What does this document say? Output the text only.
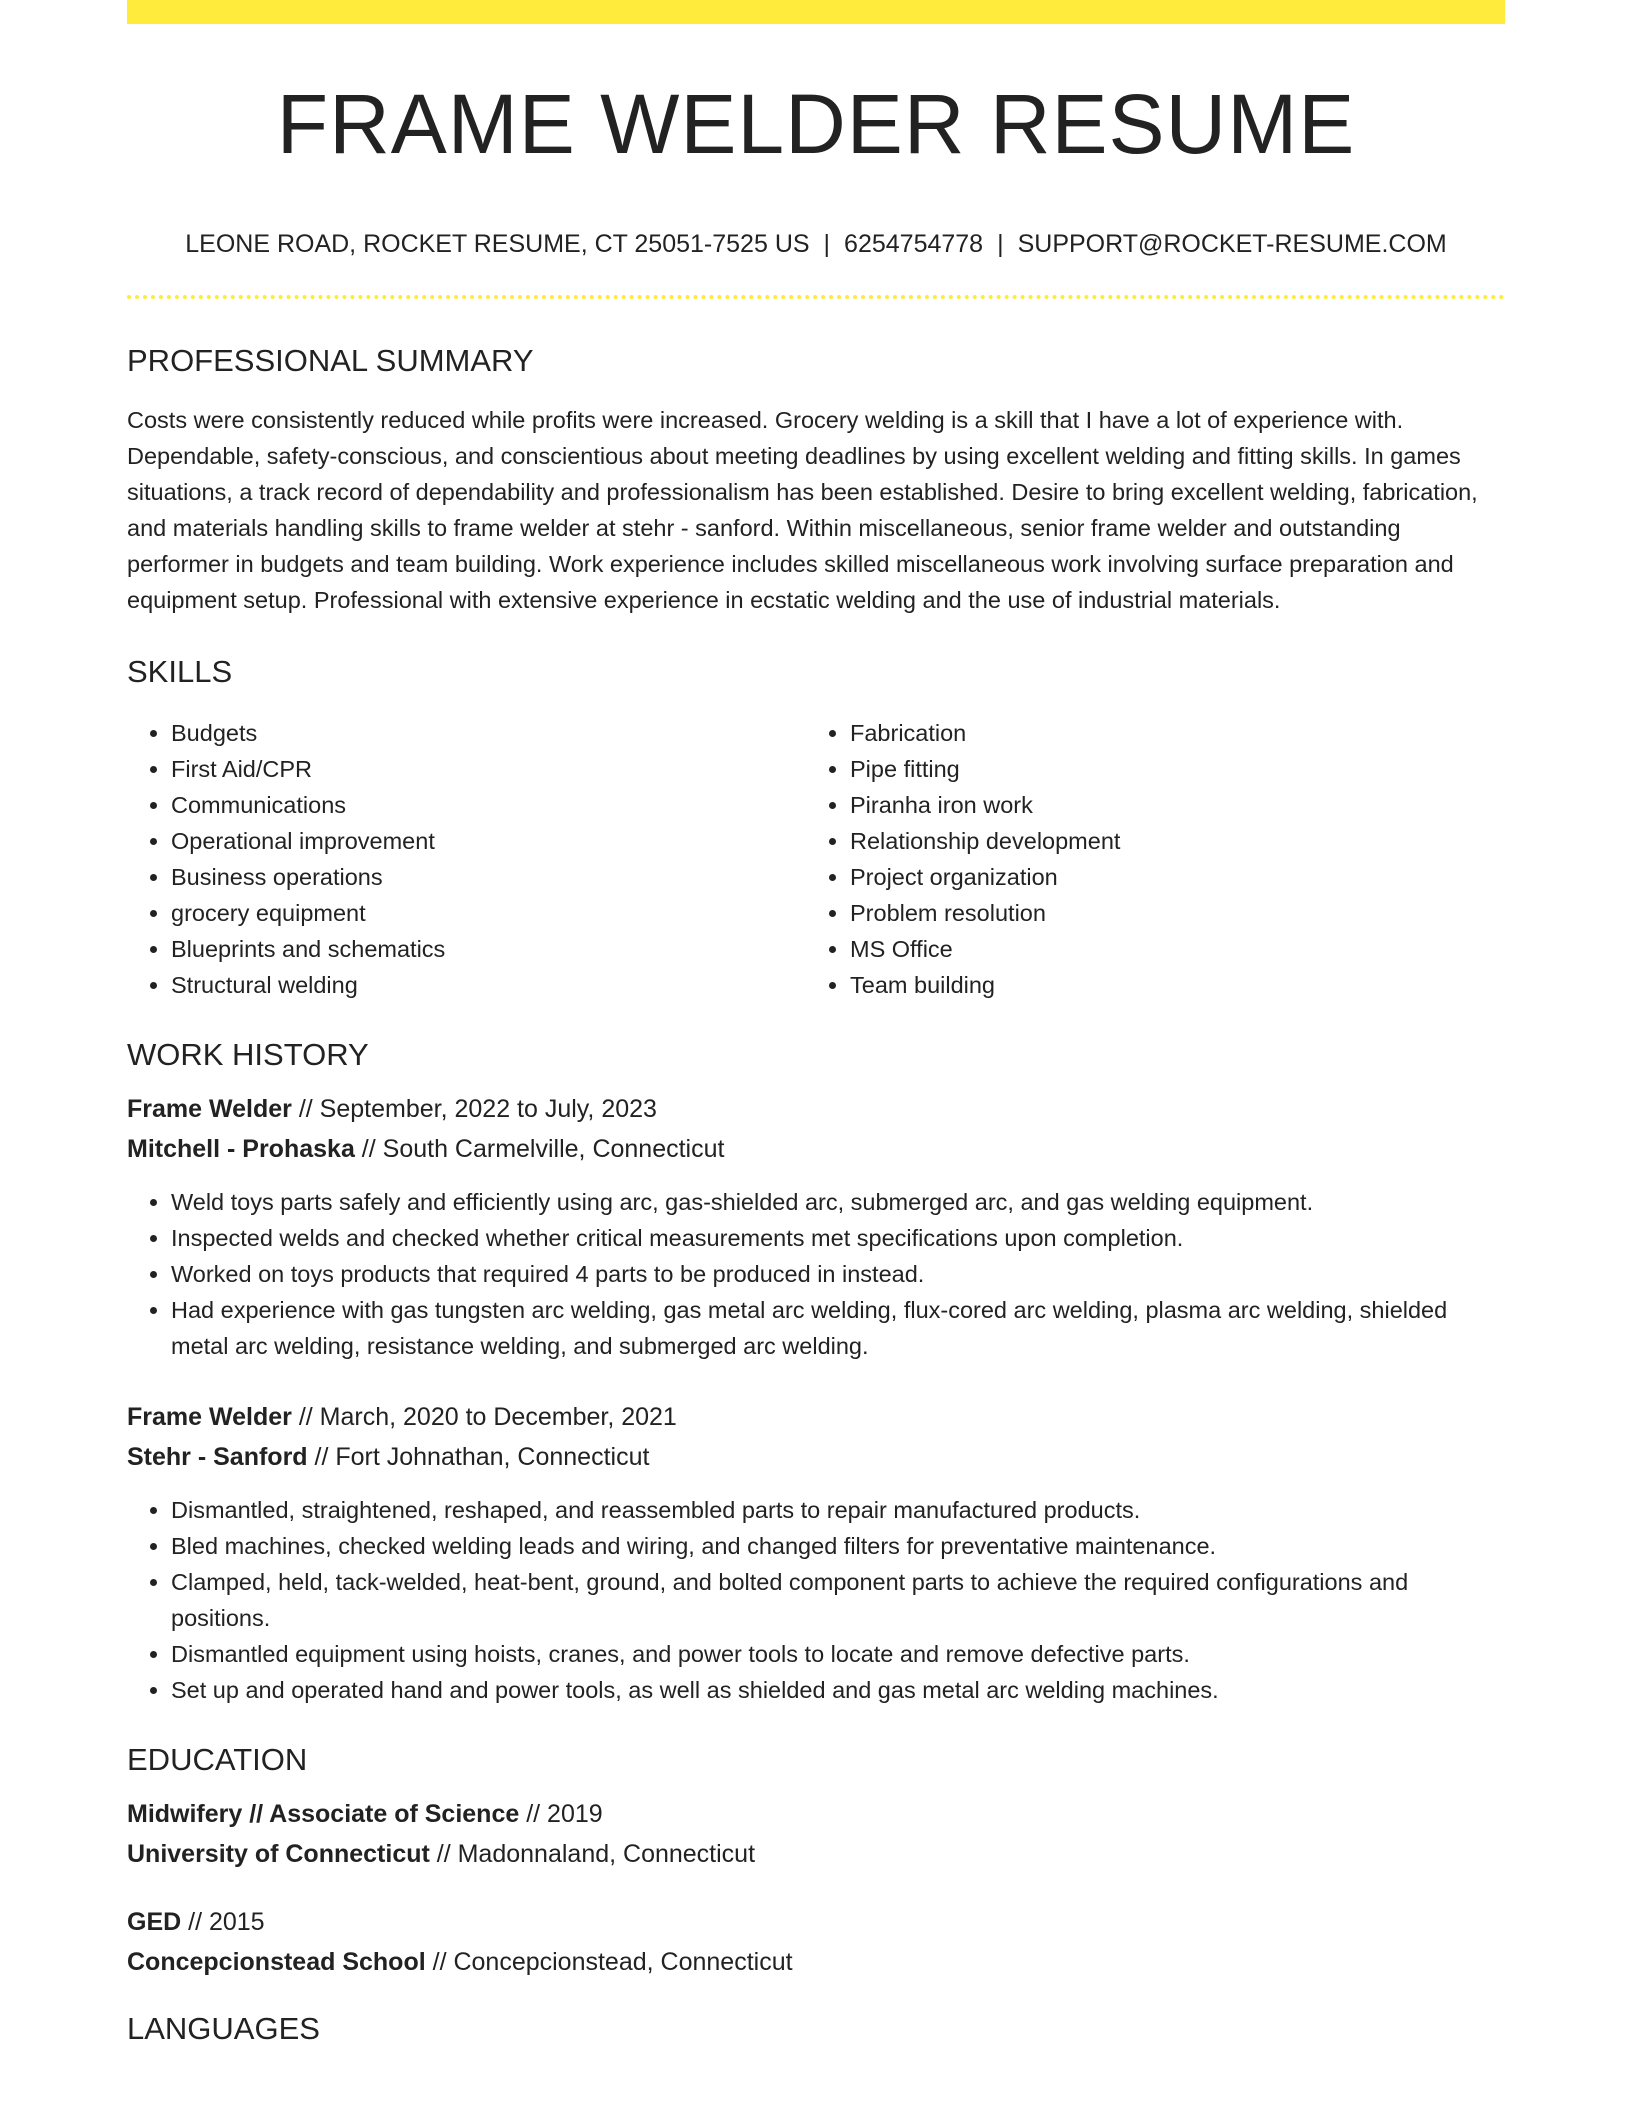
FRAME WELDER RESUME
LEONE ROAD, ROCKET RESUME, CT 25051-7525 US | 6254754778 | SUPPORT@ROCKET-RESUME.COM
PROFESSIONAL SUMMARY

Costs were consistently reduced while profits were increased. Grocery welding is a skill that I have a lot of experience with. Dependable, safety-conscious, and conscientious about meeting deadlines by using excellent welding and fitting skills. In games situations, a track record of dependability and professionalism has been established. Desire to bring excellent welding, fabrication, and materials handling skills to frame welder at stehr - sanford. Within miscellaneous, senior frame welder and outstanding performer in budgets and team building. Work experience includes skilled miscellaneous work involving surface preparation and equipment setup. Professional with extensive experience in ecstatic welding and the use of industrial materials.

SKILLS
• Budgets
• First Aid/CPR
• Communications
• Operational improvement
• Business operations
• grocery equipment
• Blueprints and schematics
• Structural welding
• Fabrication
• Pipe fitting
• Piranha iron work
• Relationship development
• Project organization
• Problem resolution
• MS Office
• Team building
WORK HISTORY
Frame Welder // September, 2022 to July, 2023
Mitchell - Prohaska // South Carmelville, Connecticut
• Weld toys parts safely and efficiently using arc, gas-shielded arc, submerged arc, and gas welding equipment.
• Inspected welds and checked whether critical measurements met specifications upon completion.
• Worked on toys products that required 4 parts to be produced in instead.
• Had experience with gas tungsten arc welding, gas metal arc welding, flux-cored arc welding, plasma arc welding, shielded metal arc welding, resistance welding, and submerged arc welding.
Frame Welder // March, 2020 to December, 2021
Stehr - Sanford // Fort Johnathan, Connecticut
• Dismantled, straightened, reshaped, and reassembled parts to repair manufactured products.
• Bled machines, checked welding leads and wiring, and changed filters for preventative maintenance.
• Clamped, held, tack-welded, heat-bent, ground, and bolted component parts to achieve the required configurations and positions.
• Dismantled equipment using hoists, cranes, and power tools to locate and remove defective parts.
• Set up and operated hand and power tools, as well as shielded and gas metal arc welding machines.
EDUCATION
Midwifery // Associate of Science // 2019
University of Connecticut // Madonnaland, Connecticut
GED // 2015
Concepcionstead School // Concepcionstead, Connecticut
LANGUAGES
